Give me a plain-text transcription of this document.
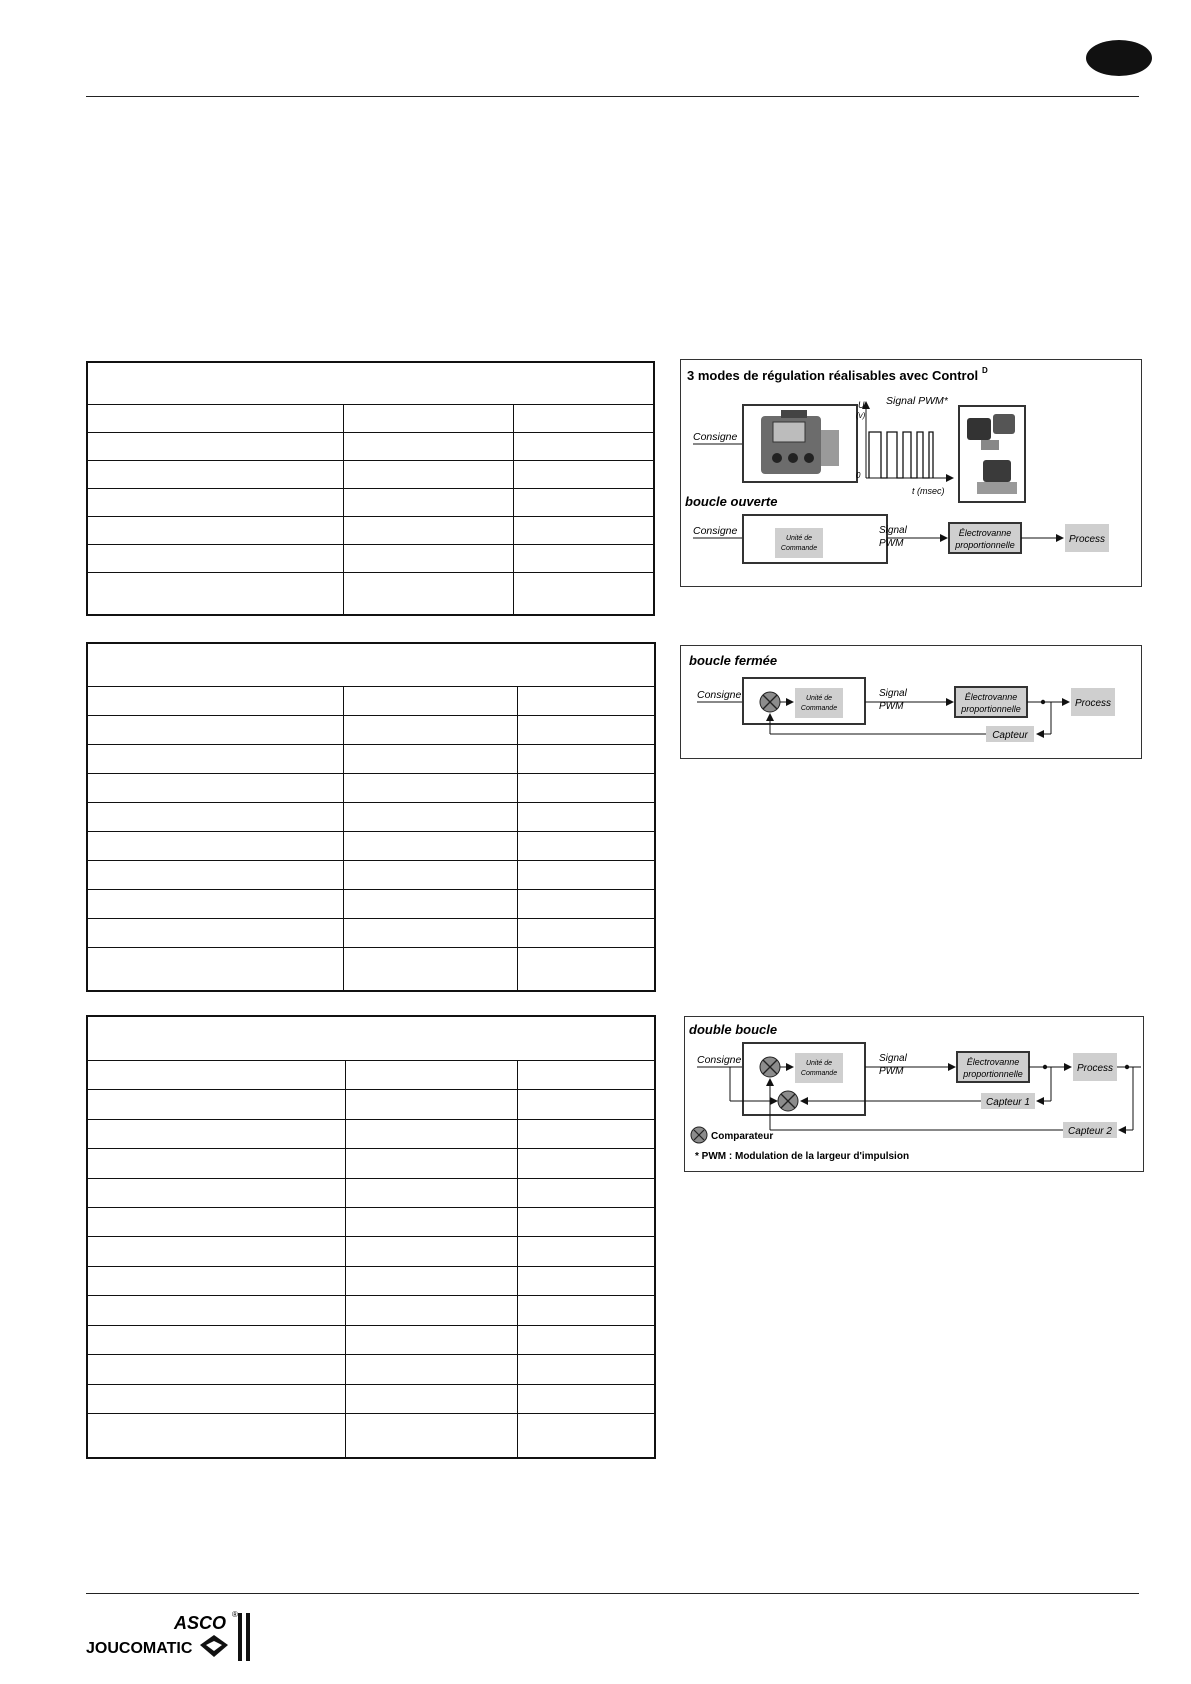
3 modes de régulation réalisables avec Control D
Consigne
U
(v)
0
t (msec)
Signal PWM*
boucle ouverte
Consigne
Unité de
Commande
Signal
PWM
Électrovanne
proportionnelle	Process
boucle fermée
Consigne	Unité de
Commande
Signal
PWM
Électrovanne
proportionnelle	Process
Capteur
double boucle
Consigne	Unité de
Commande
Signal
PWM
Électrovanne
proportionnelle	Process
Capteur 1
Capteur 2
Comparateur
* PWM : Modulation de la largeur d'impulsion
ASCO ®
JOUCOMATIC
